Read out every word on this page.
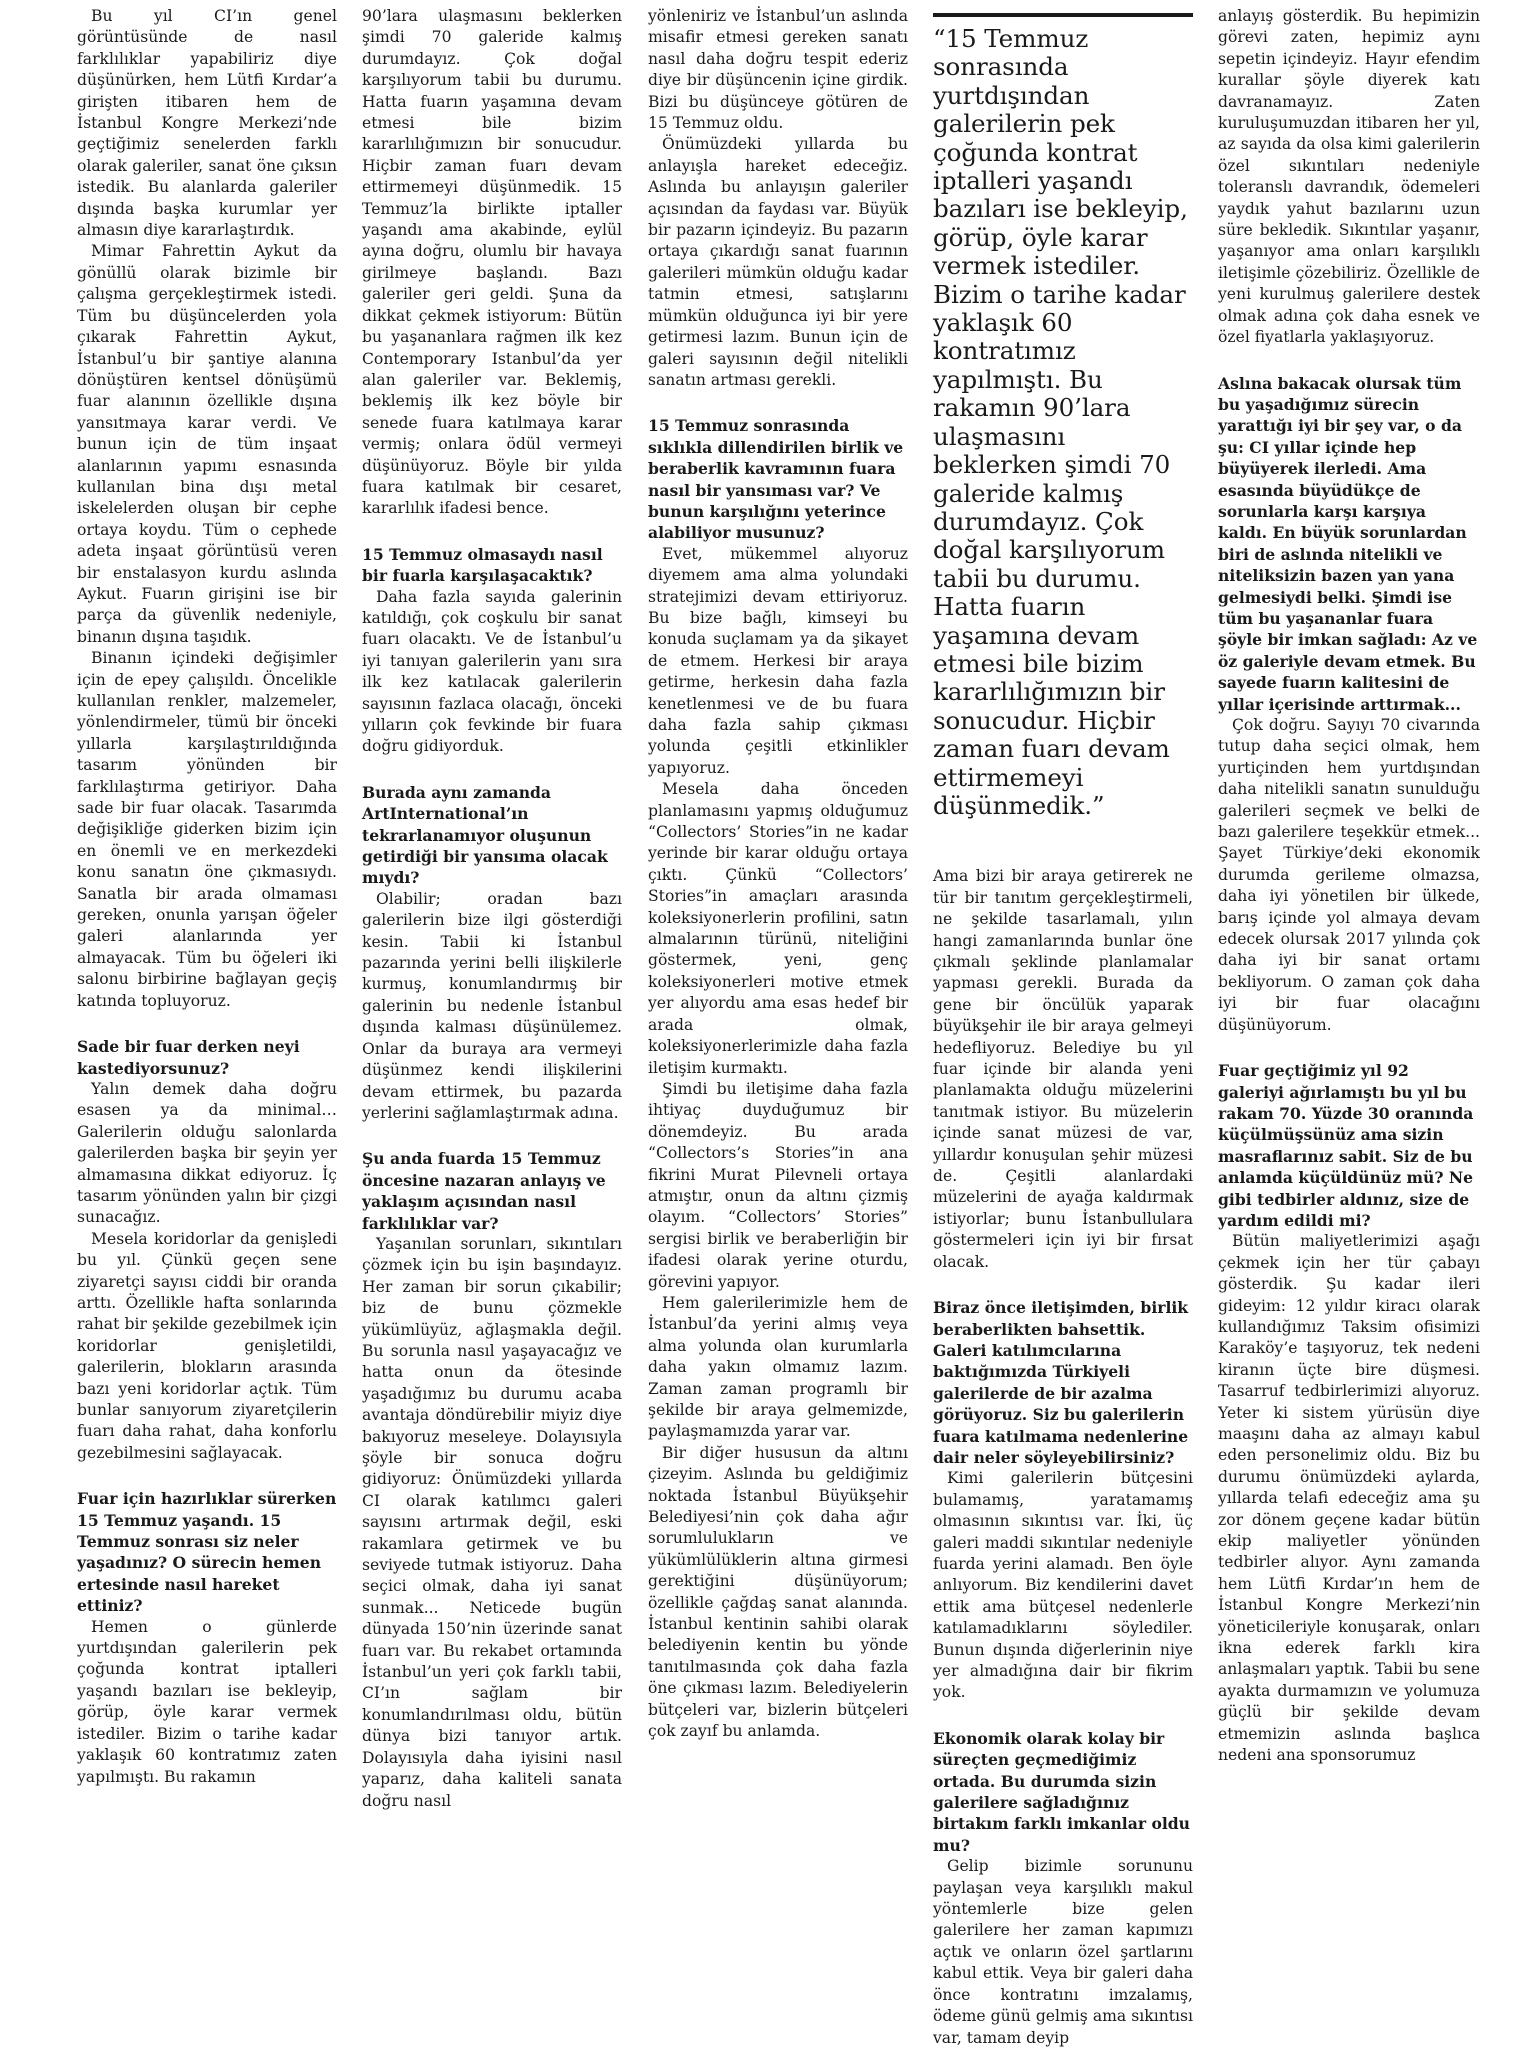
Bu yıl CI’ın genel görüntüsünde de nasıl farklılıklar yapabiliriz diye düşünürken, hem Lütfi Kırdar’a girişten itibaren hem de İstanbul Kongre Merkezi’nde geçtiğimiz senelerden farklı olarak galeriler, sanat öne çıksın istedik. Bu alanlarda galeriler dışında başka kurumlar yer almasın diye kararlaştırdık.

Mimar Fahrettin Aykut da gönüllü olarak bizimle bir çalışma gerçekleştirmek istedi. Tüm bu düşüncelerden yola çıkarak Fahrettin Aykut, İstanbul’u bir şantiye alanına dönüştüren kentsel dönüşümü fuar alanının özellikle dışına yansıtmaya karar verdi. Ve bunun için de tüm inşaat alanlarının yapımı esnasında kullanılan bina dışı metal iskelelerden oluşan bir cephe ortaya koydu. Tüm o cephede adeta inşaat görüntüsü veren bir enstalasyon kurdu aslında Aykut. Fuarın girişini ise bir parça da güvenlik nedeniyle, binanın dışına taşıdık.

Binanın içindeki değişimler için de epey çalışıldı. Öncelikle kullanılan renkler, malzemeler, yönlendirmeler, tümü bir önceki yıllarla karşılaştırıldığında tasarım yönünden bir farklılaştırma getiriyor. Daha sade bir fuar olacak. Tasarımda değişikliğe giderken bizim için en önemli ve en merkezdeki konu sanatın öne çıkmasıydı. Sanatla bir arada olmaması gereken, onunla yarışan öğeler galeri alanlarında yer almayacak. Tüm bu öğeleri iki salonu birbirine bağlayan geçiş katında topluyoruz.

Sade bir fuar derken neyi kastediyorsunuz?

Yalın demek daha doğru esasen ya da minimal… Galerilerin olduğu salonlarda galerilerden başka bir şeyin yer almamasına dikkat ediyoruz. İç tasarım yönünden yalın bir çizgi sunacağız.

Mesela koridorlar da genişledi bu yıl. Çünkü geçen sene ziyaretçi sayısı ciddi bir oranda arttı. Özellikle hafta sonlarında rahat bir şekilde gezebilmek için koridorlar genişletildi, galerilerin, blokların arasında bazı yeni koridorlar açtık. Tüm bunlar sanıyorum ziyaretçilerin fuarı daha rahat, daha konforlu gezebilmesini sağlayacak.

Fuar için hazırlıklar sürerken 15 Temmuz yaşandı. 15 Temmuz sonrası siz neler yaşadınız? O sürecin hemen ertesinde nasıl hareket ettiniz?

Hemen o günlerde yurtdışından galerilerin pek çoğunda kontrat iptalleri yaşandı bazıları ise bekleyip, görüp, öyle karar vermek istediler. Bizim o tarihe kadar yaklaşık 60 kontratımız zaten yapılmıştı. Bu rakamın

90’lara ulaşmasını beklerken şimdi 70 galeride kalmış durumdayız. Çok doğal karşılıyorum tabii bu durumu. Hatta fuarın yaşamına devam etmesi bile bizim kararlılığımızın bir sonucudur. Hiçbir zaman fuarı devam ettirmemeyi düşünmedik. 15 Temmuz’la birlikte iptaller yaşandı ama akabinde, eylül ayına doğru, olumlu bir havaya girilmeye başlandı. Bazı galeriler geri geldi. Şuna da dikkat çekmek istiyorum: Bütün bu yaşananlara rağmen ilk kez Contemporary Istanbul’da yer alan galeriler var. Beklemiş, beklemiş ilk kez böyle bir senede fuara katılmaya karar vermiş; onlara ödül vermeyi düşünüyoruz. Böyle bir yılda fuara katılmak bir cesaret, kararlılık ifadesi bence.

15 Temmuz olmasaydı nasıl bir fuarla karşılaşacaktık?

Daha fazla sayıda galerinin katıldığı, çok coşkulu bir sanat fuarı olacaktı. Ve de İstanbul’u iyi tanıyan galerilerin yanı sıra ilk kez katılacak galerilerin sayısının fazlaca olacağı, önceki yılların çok fevkinde bir fuara doğru gidiyorduk.

Burada aynı zamanda ArtInternational’ın tekrarlanamıyor oluşunun getirdiği bir yansıma olacak mıydı?

Olabilir; oradan bazı galerilerin bize ilgi gösterdiği kesin. Tabii ki İstanbul pazarında yerini belli ilişkilerle kurmuş, konumlandırmış bir galerinin bu nedenle İstanbul dışında kalması düşünülemez. Onlar da buraya ara vermeyi düşünmez kendi ilişkilerini devam ettirmek, bu pazarda yerlerini sağlamlaştırmak adına.

Şu anda fuarda 15 Temmuz öncesine nazaran anlayış ve yaklaşım açısından nasıl farklılıklar var?

Yaşanılan sorunları, sıkıntıları çözmek için bu işin başındayız. Her zaman bir sorun çıkabilir; biz de bunu çözmekle yükümlüyüz, ağlaşmakla değil. Bu sorunla nasıl yaşayacağız ve hatta onun da ötesinde yaşadığımız bu durumu acaba avantaja döndürebilir miyiz diye bakıyoruz meseleye. Dolayısıyla şöyle bir sonuca doğru gidiyoruz: Önümüzdeki yıllarda CI olarak katılımcı galeri sayısını artırmak değil, eski rakamlara getirmek ve bu seviyede tutmak istiyoruz. Daha seçici olmak, daha iyi sanat sunmak... Neticede bugün dünyada 150’nin üzerinde sanat fuarı var. Bu rekabet ortamında İstanbul’un yeri çok farklı tabii, CI’ın sağlam bir konumlandırılması oldu, bütün dünya bizi tanıyor artık. Dolayısıyla daha iyisini nasıl yaparız, daha kaliteli sanata doğru nasıl

yönleniriz ve İstanbul’un aslında misafir etmesi gereken sanatı nasıl daha doğru tespit ederiz diye bir düşüncenin içine girdik. Bizi bu düşünceye götüren de 15 Temmuz oldu.

Önümüzdeki yıllarda bu anlayışla hareket edeceğiz. Aslında bu anlayışın galeriler açısından da faydası var. Büyük bir pazarın içindeyiz. Bu pazarın ortaya çıkardığı sanat fuarının galerileri mümkün olduğu kadar tatmin etmesi, satışlarını mümkün olduğunca iyi bir yere getirmesi lazım. Bunun için de galeri sayısının değil nitelikli sanatın artması gerekli.

15 Temmuz sonrasında sıklıkla dillendirilen birlik ve beraberlik kavramının fuara nasıl bir yansıması var? Ve bunun karşılığını yeterince alabiliyor musunuz?

Evet, mükemmel alıyoruz diyemem ama alma yolundaki stratejimizi devam ettiriyoruz. Bu bize bağlı, kimseyi bu konuda suçlamam ya da şikayet de etmem. Herkesi bir araya getirme, herkesin daha fazla kenetlenmesi ve de bu fuara daha fazla sahip çıkması yolunda çeşitli etkinlikler yapıyoruz.

Mesela daha önceden planlamasını yapmış olduğumuz “Collectors’ Stories”in ne kadar yerinde bir karar olduğu ortaya çıktı. Çünkü “Collectors’ Stories”in amaçları arasında koleksiyonerlerin profilini, satın almalarının türünü, niteliğini göstermek, yeni, genç koleksiyonerleri motive etmek yer alıyordu ama esas hedef bir arada olmak, koleksiyonerlerimizle daha fazla iletişim kurmaktı.

Şimdi bu iletişime daha fazla ihtiyaç duyduğumuz bir dönemdeyiz. Bu arada “Collectors’s Stories”in ana fikrini Murat Pilevneli ortaya atmıştır, onun da altını çizmiş olayım. “Collectors’ Stories” sergisi birlik ve beraberliğin bir ifadesi olarak yerine oturdu, görevini yapıyor.

Hem galerilerimizle hem de İstanbul’da yerini almış veya alma yolunda olan kurumlarla daha yakın olmamız lazım. Zaman zaman programlı bir şekilde bir araya gelmemizde, paylaşmamızda yarar var.

Bir diğer hususun da altını çizeyim. Aslında bu geldiğimiz noktada İstanbul Büyükşehir Belediyesi’nin çok daha ağır sorumlulukların ve yükümlülüklerin altına girmesi gerektiğini düşünüyorum; özellikle çağdaş sanat alanında. İstanbul kentinin sahibi olarak belediyenin kentin bu yönde tanıtılmasında çok daha fazla öne çıkması lazım. Belediyelerin bütçeleri var, bizlerin bütçeleri çok zayıf bu anlamda.

“15 Temmuz sonrasında yurtdışından galerilerin pek çoğunda kontrat iptalleri yaşandı bazıları ise bekleyip, görüp, öyle karar vermek istediler. Bizim o tarihe kadar yaklaşık 60 kontratımız yapılmıştı. Bu rakamın 90’lara ulaşmasını beklerken şimdi 70 galeride kalmış durumdayız. Çok doğal karşılıyorum tabii bu durumu. Hatta fuarın yaşamına devam etmesi bile bizim kararlılığımızın bir sonucudur. Hiçbir zaman fuarı devam ettirmemeyi düşünmedik.”

Ama bizi bir araya getirerek ne tür bir tanıtım gerçekleştirmeli, ne şekilde tasarlamalı, yılın hangi zamanlarında bunlar öne çıkmalı şeklinde planlamalar yapması gerekli. Burada da gene bir öncülük yaparak büyükşehir ile bir araya gelmeyi hedefliyoruz. Belediye bu yıl fuar içinde bir alanda yeni planlamakta olduğu müzelerini tanıtmak istiyor. Bu müzelerin içinde sanat müzesi de var, yıllardır konuşulan şehir müzesi de. Çeşitli alanlardaki müzelerini de ayağa kaldırmak istiyorlar; bunu İstanbullulara göstermeleri için iyi bir fırsat olacak.

Biraz önce iletişimden, birlik beraberlikten bahsettik. Galeri katılımcılarına baktığımızda Türkiyeli galerilerde de bir azalma görüyoruz. Siz bu galerilerin fuara katılmama nedenlerine dair neler söyleyebilirsiniz?

Kimi galerilerin bütçesini bulamamış, yaratamamış olmasının sıkıntısı var. İki, üç galeri maddi sıkıntılar nedeniyle fuarda yerini alamadı. Ben öyle anlıyorum. Biz kendilerini davet ettik ama bütçesel nedenlerle katılamadıklarını söylediler. Bunun dışında diğerlerinin niye yer almadığına dair bir fikrim yok.

Ekonomik olarak kolay bir süreçten geçmediğimiz ortada. Bu durumda sizin galerilere sağladığınız birtakım farklı imkanlar oldu mu?

Gelip bizimle sorununu paylaşan veya karşılıklı makul yöntemlerle bize gelen galerilere her zaman kapımızı açtık ve onların özel şartlarını kabul ettik. Veya bir galeri daha önce kontratını imzalamış, ödeme günü gelmiş ama sıkıntısı var, tamam deyip

anlayış gösterdik. Bu hepimizin görevi zaten, hepimiz aynı sepetin içindeyiz. Hayır efendim kurallar şöyle diyerek katı davranamayız. Zaten kuruluşumuzdan itibaren her yıl, az sayıda da olsa kimi galerilerin özel sıkıntıları nedeniyle toleranslı davrandık, ödemeleri yaydık yahut bazılarını uzun süre bekledik. Sıkıntılar yaşanır, yaşanıyor ama onları karşılıklı iletişimle çözebiliriz. Özellikle de yeni kurulmuş galerilere destek olmak adına çok daha esnek ve özel fiyatlarla yaklaşıyoruz.

Aslına bakacak olursak tüm bu yaşadığımız sürecin yarattığı iyi bir şey var, o da şu: CI yıllar içinde hep büyüyerek ilerledi. Ama esasında büyüdükçe de sorunlarla karşı karşıya kaldı. En büyük sorunlardan biri de aslında nitelikli ve niteliksizin bazen yan yana gelmesiydi belki. Şimdi ise tüm bu yaşananlar fuara şöyle bir imkan sağladı: Az ve öz galeriyle devam etmek. Bu sayede fuarın kalitesini de yıllar içerisinde arttırmak...

Çok doğru. Sayıyı 70 civarında tutup daha seçici olmak, hem yurtiçinden hem yurtdışından daha nitelikli sanatın sunulduğu galerileri seçmek ve belki de bazı galerilere teşekkür etmek... Şayet Türkiye’deki ekonomik durumda gerileme olmazsa, daha iyi yönetilen bir ülkede, barış içinde yol almaya devam edecek olursak 2017 yılında çok daha iyi bir sanat ortamı bekliyorum. O zaman çok daha iyi bir fuar olacağını düşünüyorum.

Fuar geçtiğimiz yıl 92 galeriyi ağırlamıştı bu yıl bu rakam 70. Yüzde 30 oranında küçülmüşsünüz ama sizin masraflarınız sabit. Siz de bu anlamda küçüldünüz mü? Ne gibi tedbirler aldınız, size de yardım edildi mi?

Bütün maliyetlerimizi aşağı çekmek için her tür çabayı gösterdik. Şu kadar ileri gideyim: 12 yıldır kiracı olarak kullandığımız Taksim ofisimizi Karaköy’e taşıyoruz, tek nedeni kiranın üçte bire düşmesi. Tasarruf tedbirlerimizi alıyoruz. Yeter ki sistem yürüsün diye maaşını daha az almayı kabul eden personelimiz oldu. Biz bu durumu önümüzdeki aylarda, yıllarda telafi edeceğiz ama şu zor dönem geçene kadar bütün ekip maliyetler yönünden tedbirler alıyor. Aynı zamanda hem Lütfi Kırdar’ın hem de İstanbul Kongre Merkezi’nin yöneticileriyle konuşarak, onları ikna ederek farklı kira anlaşmaları yaptık. Tabii bu sene ayakta durmamızın ve yolumuza güçlü bir şekilde devam etmemizin aslında başlıca nedeni ana sponsorumuz
